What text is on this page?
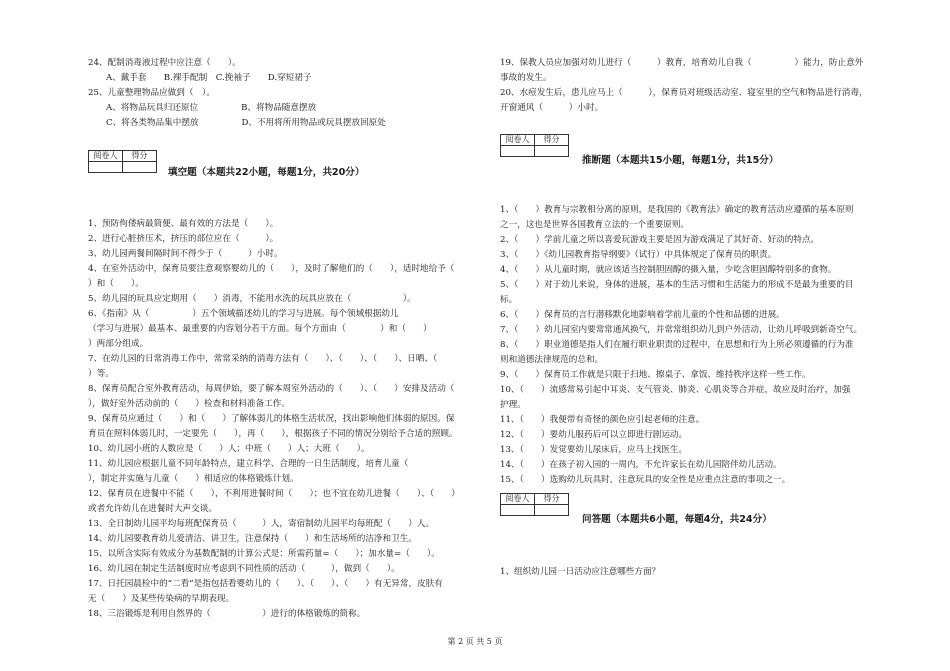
24、配制消毒液过程中应注意（　　）。
A、戴手套　　B.裸手配制　C.挽袖子　　D.穿短裙子
25、儿童整理物品应做到（　）。
A、将物品玩具归还原位　　　　　B、将物品随意摆放
C、将各类物品集中摆放　　　　　D、不用将所用物品或玩具摆放回原处
阅卷人	得分

填空题（本题共22小题，每题1分，共20分）
1、预防佝偻病最简便、最有效的方法是（　　）。
2、进行心脏挤压术，挤压的部位应在（　　　）。
3、幼儿园两餐间隔时间不得少于（　　　）小时。
4、在室外活动中，保育员要注意观察婴幼儿的（　　），及时了解他们的（　　），适时地给予（
）和（　　）。
5、幼儿园的玩具应定期用（　　）消毒，不能用水洗的玩具应放在（　　　　　　）。
6、《指南》从（　　　　　）五个领域描述幼儿的学习与进展。每个领域根据幼儿
（学习与进展）最基本、最重要的内容划分若干方面。每个方面由（　　　　）和（　　）
）两部分组成。
7、在幼儿园的日常消毒工作中，常常采纳的消毒方法有（　　）、（　　）、（　　）、日晒、（　
）等。
8、保育员配合室外教育活动，每周伊始，要了解本周室外活动的（　　）、（　　）安排及活动（
），做好室外活动前的（　　）检查和材料准备工作。
9、保育员应通过（　　）和（　　）了解体弱儿的体格生活状况，找出影响他们体弱的原因。保
育员在照料体弱儿时，一定要先（　　），再（　　），根据孩子不同的情况分别给予合适的照顾。
10、幼儿园小班的人数应是（　　）人；中班（　　）人；大班（　　）。
11、幼儿园应根据儿童不同年龄特点，建立科学、合理的一日生活制度，培育儿童（　　　
），制定并实施与儿童（　　）相适应的体格锻炼计划。
12、保育员在进餐中不能（　　），不利用进餐时间（　　）；也不宜在幼儿进餐（　　）、（　　）
或者允许幼儿在进餐时大声交谈。
13、全日制幼儿园平均每班配保育员（　　　）人，寄宿制幼儿园平均每班配（　　）人。
14、幼儿园要教育幼儿爱清洁、讲卫生，注意保持（　　）和生活场所的洁净和卫生。
15、以所含实际有效成分为基数配制的计算公式是：所需药量=（　　）；加水量=（　　）。
16、幼儿园在制定生活制度时应考虑到不同性质的活动（　　　），做到（　　）。
17、日托园晨检中的“二看”是指包括看婴幼儿的（　　）、（　　）、（　　）有无异常，皮肤有
无（　　）及某些传染病的早期表现。
18、三浴锻炼是利用自然界的（　　　　　　）进行的体格锻炼的简称。
19、保教人员应加强对幼儿进行（　　　）教育，培育幼儿自我（　　　　　）能力，防止意外
事故的发生。
20、水痘发生后，患儿应马上（　　　），保育员对班级活动室、寝室里的空气和物品进行消毒，
开窗通风（　　　）小时。
阅卷人	得分

推断题（本题共15小题，每题1分，共15分）
1、（　　）教育与宗教相分离的原则，是我国的《教育法》确定的教育活动应遵循的基本原则
之一，这也是世界各国教育立法的一个重要原则。
2、（　　）学前儿童之所以喜爱玩游戏主要是因为游戏满足了其好奇、好动的特点。
3、（　　）《幼儿园教育指导纲要》（试行）中具体规定了保育员的职责。
4、（　　）从儿童时期，就应该适当控制胆固醇的摄入量，少吃含胆固醇特别多的食物。
5、（　　）对于幼儿来说，身体的进展，基本的生活习惯和生活能力的形成不是最为重要的目
标。
6、（　　）保育员的言行潜移默化地影响着学前儿童的个性和品德的进展。
7、（　　）幼儿园室内要常常通风换气，并常常组织幼儿到户外活动，让幼儿呼吸到新奇空气。
8、（　　）职业道德是指人们在履行职业职责的过程中，在思想和行为上所必须遵循的行为准
则和道德法律规范的总和。
9、（　　）保育员工作就是只限于扫地、擦桌子、拿饭、维持秩序这样一些工作。
10、（　　）流感常易引起中耳炎、支气管炎、肺炎、心肌炎等合并症，故应及时治疗，加强
护理。
11、（　　）我便带有奇怪的颜色应引起老师的注意。
12、（　　）要幼儿服药后可以立即进行剧运动。
13、（　　）发觉要幼儿尿床后，应马上找医生。
14、（　　）在孩子初入园的一周内，不允许家长在幼儿园陪伴幼儿活动。
15、（　　）选购幼儿玩具时，注意玩具的安全性是应重点注意的事项之一。
阅卷人	得分

问答题（本题共6小题，每题4分，共24分）
1、组织幼儿园一日活动应注意哪些方面？
第 2 页 共 5 页
